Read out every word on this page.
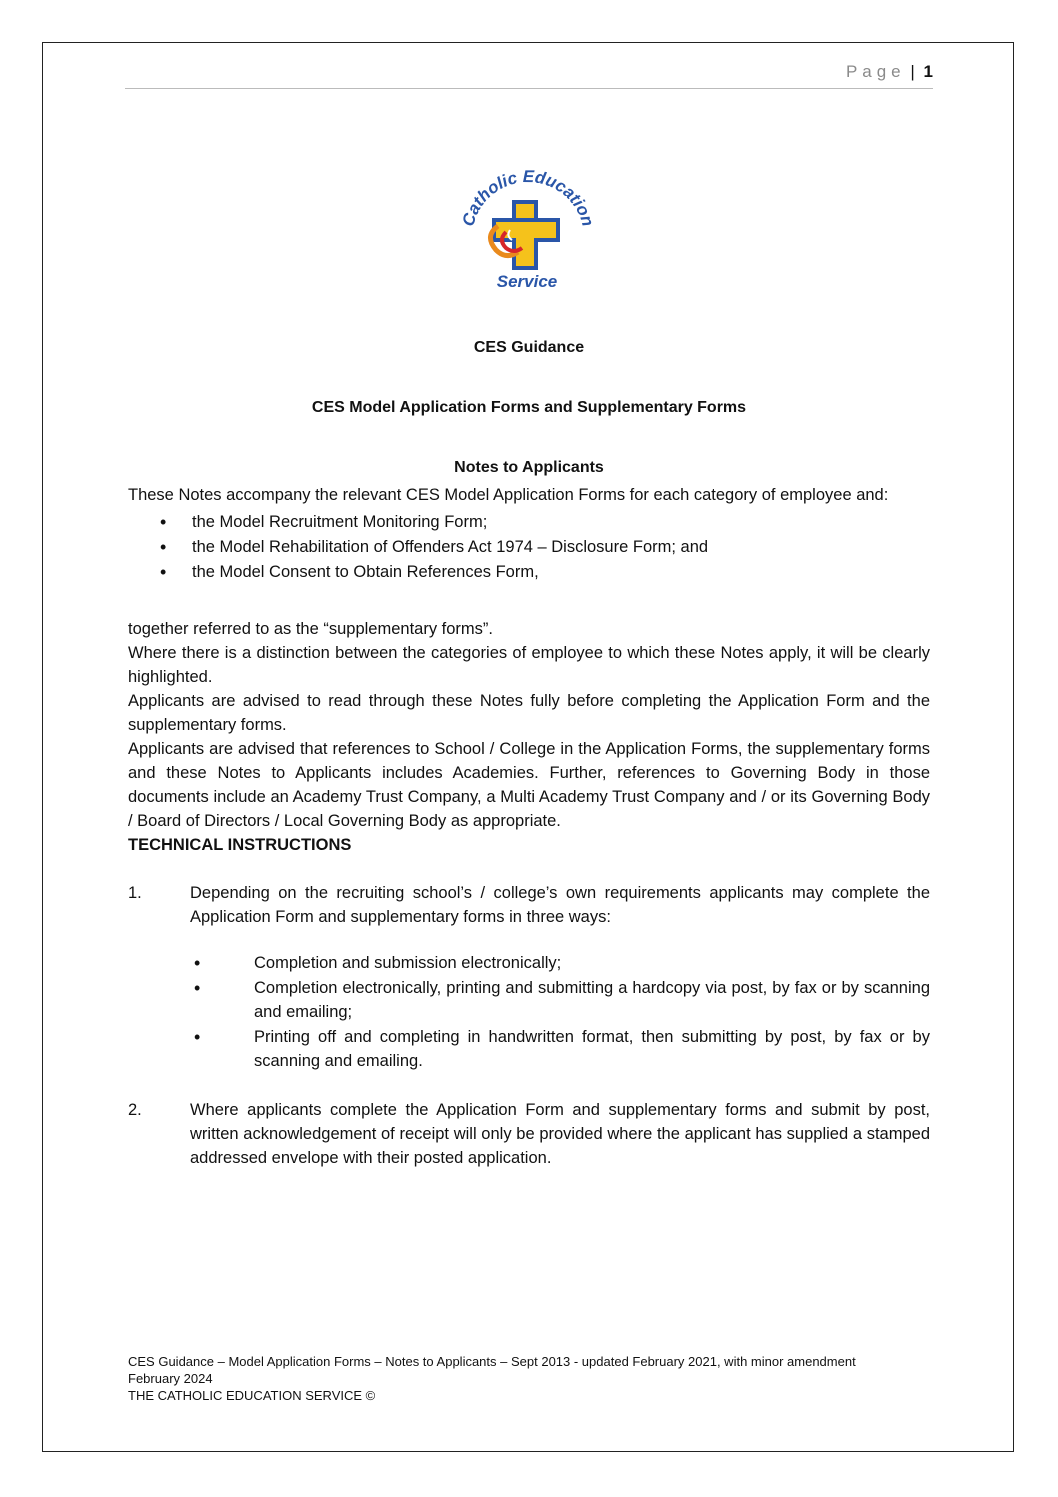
Page | 1
Catholic Education
Service

CES Guidance

CES Model Application Forms and Supplementary Forms

Notes to Applicants

These Notes accompany the relevant CES Model Application Forms for each category of employee and:

• the Model Recruitment Monitoring Form;
• the Model Rehabilitation of Offenders Act 1974 – Disclosure Form; and
• the Model Consent to Obtain References Form,

together referred to as the “supplementary forms”.

Where there is a distinction between the categories of employee to which these Notes apply, it will be clearly highlighted.

Applicants are advised to read through these Notes fully before completing the Application Form and the supplementary forms.

Applicants are advised that references to School / College in the Application Forms, the supplementary forms and these Notes to Applicants includes Academies. Further, references to Governing Body in those documents include an Academy Trust Company, a Multi Academy Trust Company and / or its Governing Body / Board of Directors / Local Governing Body as appropriate.

TECHNICAL INSTRUCTIONS

1.	Depending on the recruiting school’s / college’s own requirements applicants may complete the Application Form and supplementary forms in three ways:
• Completion and submission electronically;
• Completion electronically, printing and submitting a hardcopy via post, by fax or by scanning and emailing;
• Printing off and completing in handwritten format, then submitting by post, by fax or by scanning and emailing.
2.	Where applicants complete the Application Form and supplementary forms and submit by post, written acknowledgement of receipt will only be provided where the applicant has supplied a stamped addressed envelope with their posted application.
CES Guidance – Model Application Forms – Notes to Applicants – Sept 2013 - updated February 2021, with minor amendment February 2024
THE CATHOLIC EDUCATION SERVICE ©
